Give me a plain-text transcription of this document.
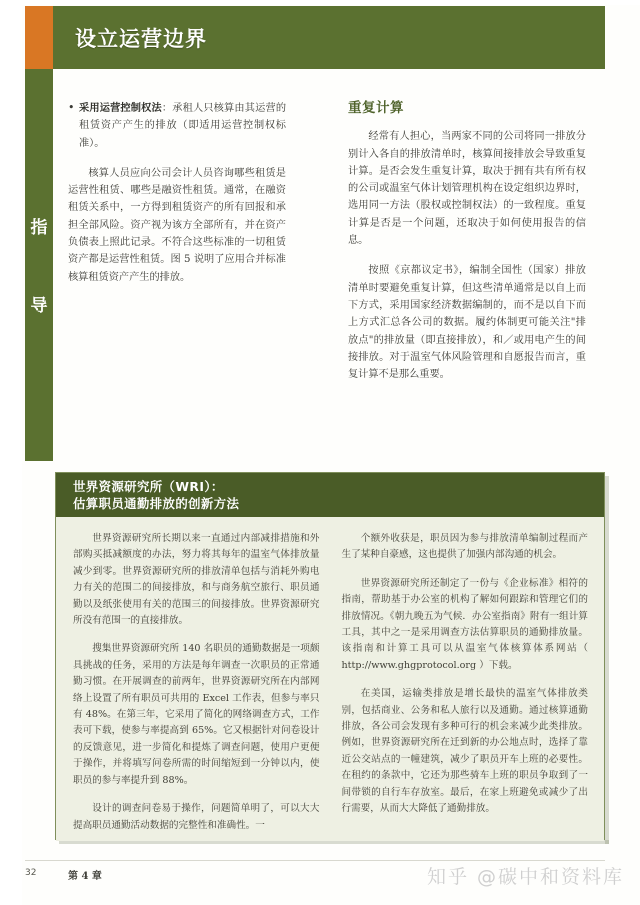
设立运营边界
指
导
• 采用运营控制权法：承租人只核算由其运营的租赁资产产生的排放（即适用运营控制权标准）。

核算人员应向公司会计人员咨询哪些租赁是运营性租赁、哪些是融资性租赁。通常，在融资租赁关系中，一方得到租赁资产的所有回报和承担全部风险。资产视为该方全部所有，并在资产负债表上照此记录。不符合这些标准的一切租赁资产都是运营性租赁。图 5 说明了应用合并标准核算租赁资产产生的排放。

重复计算

经常有人担心，当两家不同的公司将同一排放分别计入各自的排放清单时，核算间接排放会导致重复计算。是否会发生重复计算，取决于拥有共有所有权的公司或温室气体计划管理机构在设定组织边界时，选用同一方法（股权或控制权法）的一致程度。重复计算是否是一个问题，还取决于如何使用报告的信息。

按照《京都议定书》，编制全国性（国家）排放清单时要避免重复计算，但这些清单通常是以自上而下方式，采用国家经济数据编制的，而不是以自下而上方式汇总各公司的数据。履约体制更可能关注"排放点"的排放量（即直接排放），和／或用电产生的间接排放。对于温室气体风险管理和自愿报告而言，重复计算不是那么重要。

世界资源研究所（WRI）：
估算职员通勤排放的创新方法

世界资源研究所长期以来一直通过内部减排措施和外部购买抵减额度的办法，努力将其每年的温室气体排放量减少到零。世界资源研究所的排放清单包括与消耗外购电力有关的范围二的间接排放，和与商务航空旅行、职员通勤以及纸张使用有关的范围三的间接排放。世界资源研究所没有范围一的直接排放。

搜集世界资源研究所 140 名职员的通勤数据是一项颇具挑战的任务，采用的方法是每年调查一次职员的正常通勤习惯。在开展调查的前两年，世界资源研究所在内部网络上设置了所有职员可共用的 Excel 工作表，但参与率只有 48%。在第三年，它采用了简化的网络调查方式，工作表可下载，使参与率提高到 65%。它又根据针对问卷设计的反馈意见，进一步简化和提炼了调查问题，使用户更便于操作，并将填写问卷所需的时间缩短到一分钟以内，使职员的参与率提升到 88%。

设计的调查问卷易于操作，问题简单明了，可以大大提高职员通勤活动数据的完整性和准确性。一

个额外收获是，职员因为参与排放清单编制过程而产生了某种自豪感，这也提供了加强内部沟通的机会。

世界资源研究所还制定了一份与《企业标准》相符的指南，帮助基于办公室的机构了解如何跟踪和管理它们的排放情况。《朝九晚五为气候．办公室指南》附有一组计算工具，其中之一是采用调查方法估算职员的通勤排放量。该指南和计算工具可以从温室气体核算体系网站（ http://www.ghgprotocol.org ）下载。

在美国，运输类排放是增长最快的温室气体排放类别，包括商业、公务和私人旅行以及通勤。通过核算通勤排放，各公司会发现有多种可行的机会来减少此类排放。例如，世界资源研究所在迁到新的办公地点时，选择了靠近公交站点的一幢建筑，减少了职员开车上班的必要性。在租约的条款中，它还为那些骑车上班的职员争取到了一间带锁的自行车存放室。最后，在家上班避免或减少了出行需要，从而大大降低了通勤排放。

32	第 4 章	知乎 @碳中和资料库
